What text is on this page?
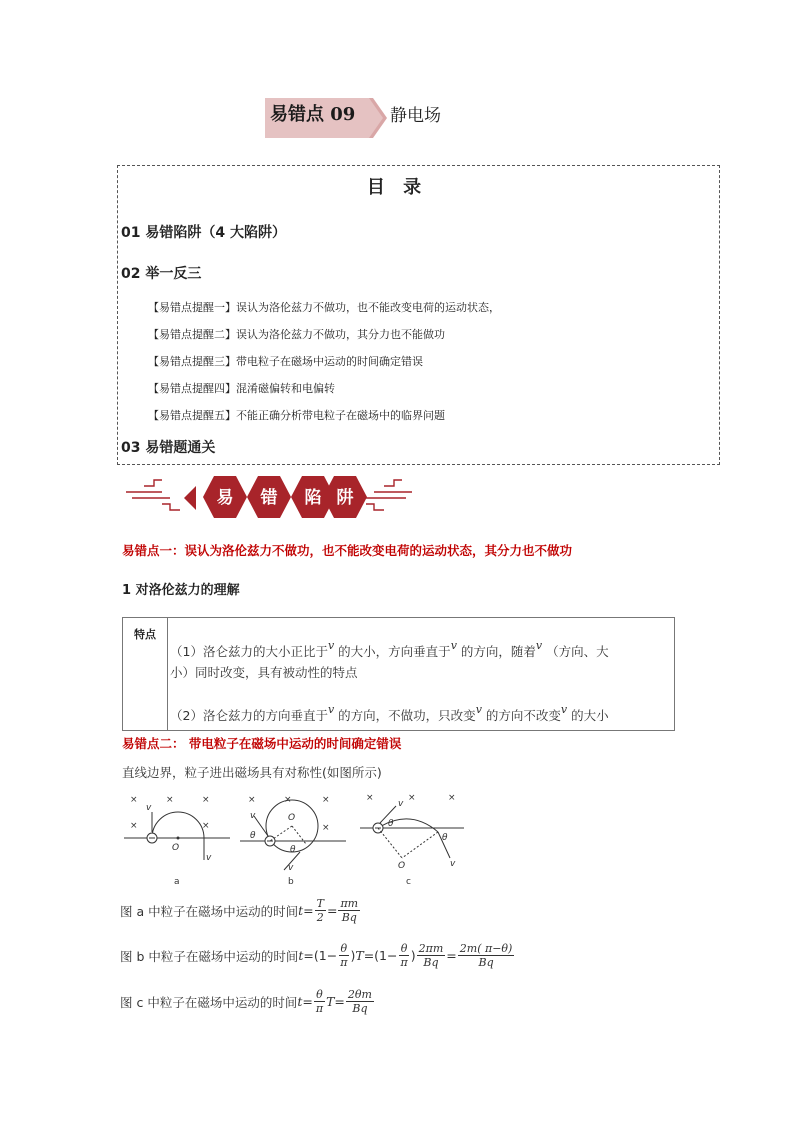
易错点 09 静电场
目 录
01 易错陷阱（4 大陷阱）
02 举一反三
【易错点提醒一】误认为洛伦兹力不做功，也不能改变电荷的运动状态，
【易错点提醒二】误认为洛伦兹力不做功，其分力也不能做功
【易错点提醒三】带电粒子在磁场中运动的时间确定错误
【易错点提醒四】混淆磁偏转和电偏转
【易错点提醒五】不能正确分析带电粒子在磁场中的临界问题
03 易错题通关
易 错 陷 阱
易错点一：误认为洛伦兹力不做功，也不能改变电荷的运动状态，其分力也不做功
1 对洛伦兹力的理解
特点
（1）洛仑兹力的大小正比于v 的大小，方向垂直于v 的方向，随着v （方向、大
小）同时改变，具有被动性的特点
（2）洛仑兹力的方向垂直于v 的方向，不做功，只改变v 的方向不改变v 的大小
易错点二： 带电粒子在磁场中运动的时间确定错误
直线边界，粒子进出磁场具有对称性(如图所示)
×	×	×
×	×
v
v
O
a
×	×	×
×
v
v
O
θ
θ
b
×	×	×
v
v
O
θ
θ
c
图 a 中粒子在磁场中运动的时间 $t = \frac{T}{2} = \frac{\pi m}{Bq}$
图 b 中粒子在磁场中运动的时间 $t = (1- \frac{\theta}{\pi}$ ) $T = (1- \frac{\theta}{\pi}$ ) $\frac{2\pi m}{Bq} = \frac{2m( \pi-\theta)}{Bq}$
图 c 中粒子在磁场中运动的时间 $t = \frac{\theta}{\pi}$ $T = \frac{2\theta m}{Bq}$
